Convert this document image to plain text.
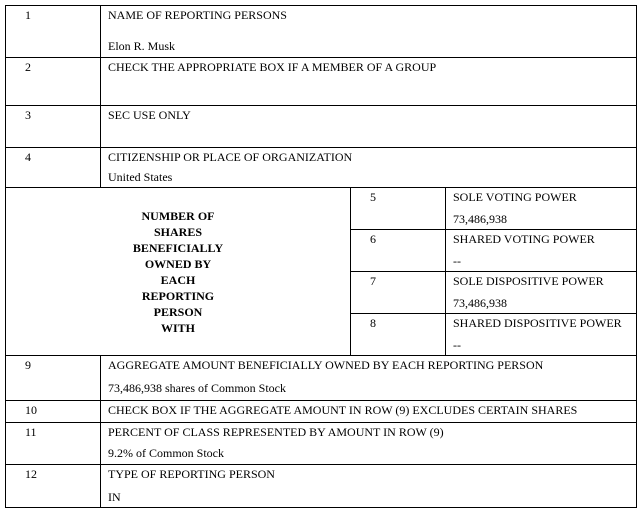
1	NAME OF REPORTING PERSONS
Elon R. Musk		

2	CHECK THE APPROPRIATE BOX IF A MEMBER OF A GROUP		

3	SEC USE ONLY		

4	CITIZENSHIP OR PLACE OF ORGANIZATION
United States		

NUMBER OF
SHARES
BENEFICIALLY
OWNED BY
EACH
REPORTING
PERSON
WITH
	5	SOLE VOTING POWER
73,486,938

		6	SHARED VOTING POWER
--

		7	SOLE DISPOSITIVE POWER
73,486,938

		8	SHARED DISPOSITIVE POWER
--

9	AGGREGATE AMOUNT BENEFICIALLY OWNED BY EACH REPORTING PERSON
73,486,938 shares of Common Stock		

10	CHECK BOX IF THE AGGREGATE AMOUNT IN ROW (9) EXCLUDES CERTAIN SHARES		

11	PERCENT OF CLASS REPRESENTED BY AMOUNT IN ROW (9)
9.2% of Common Stock		

12	TYPE OF REPORTING PERSON
IN		
